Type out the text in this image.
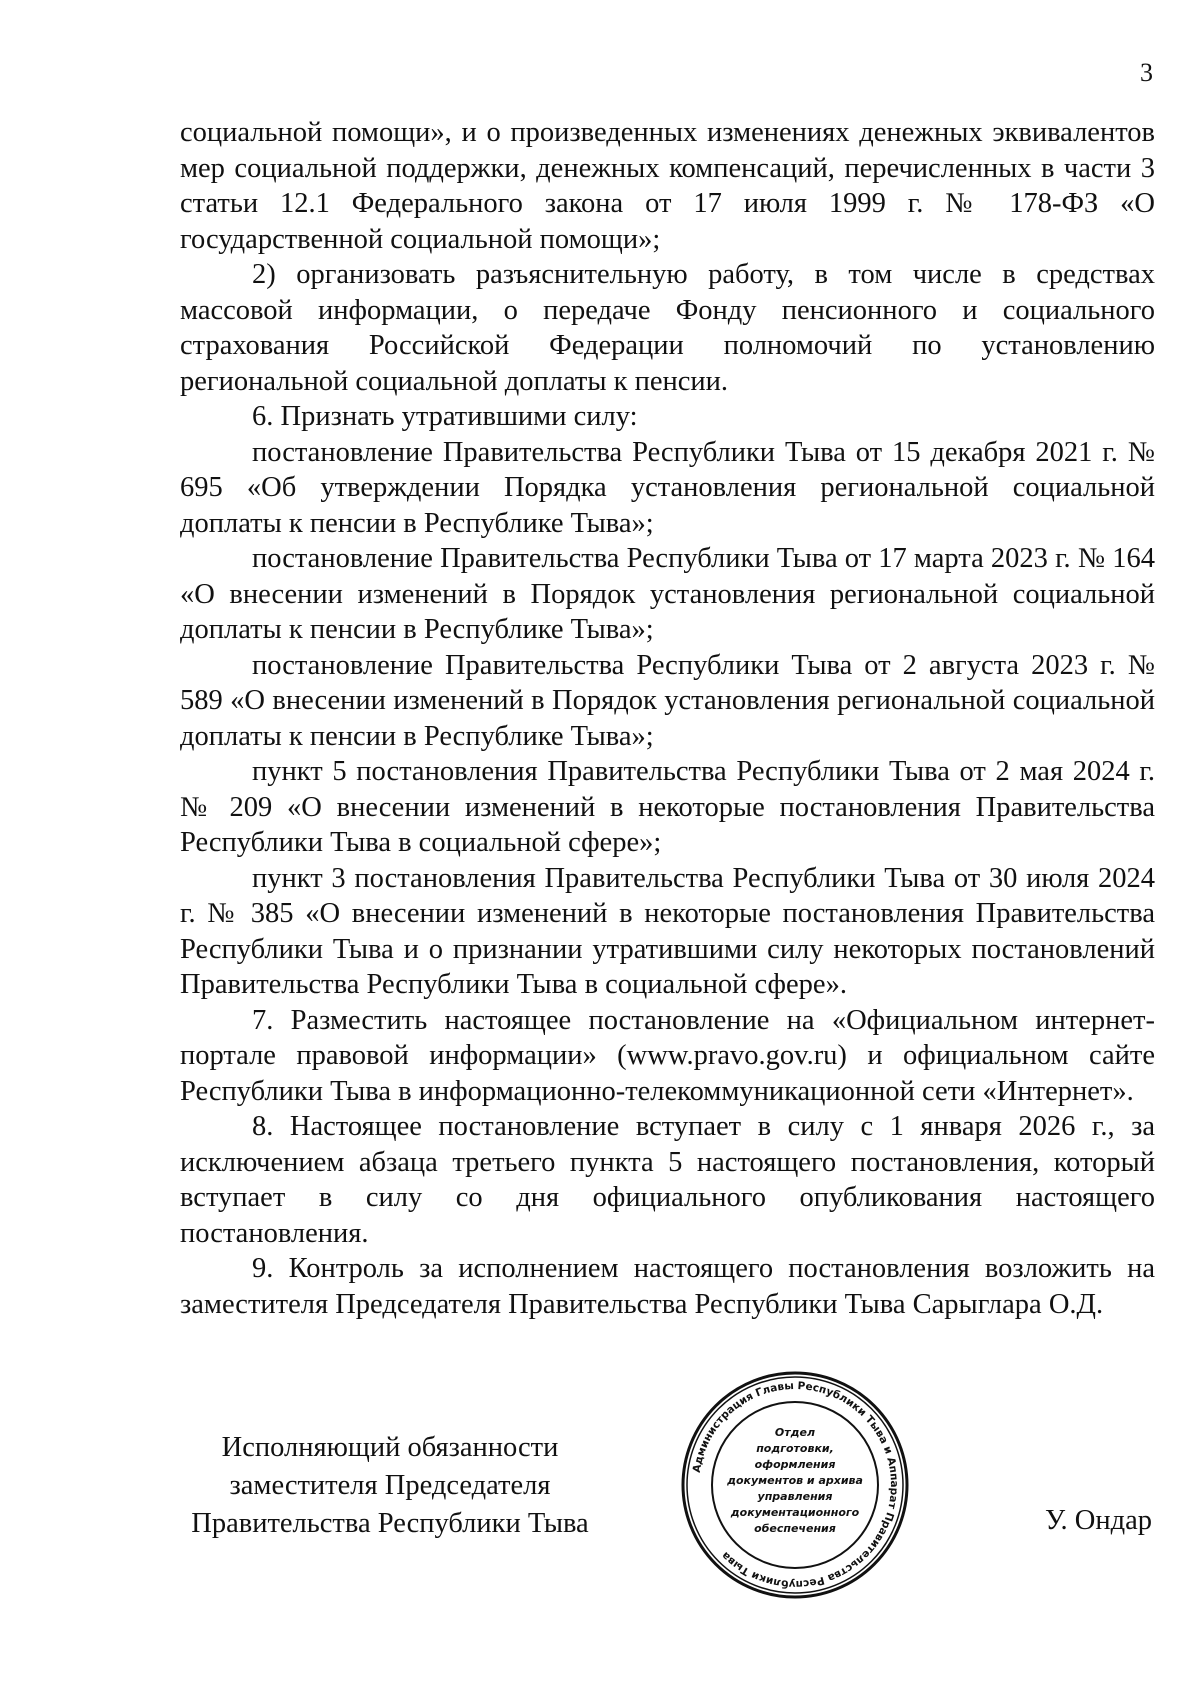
3

социальной помощи», и о произведенных изменениях денежных эквивалентов мер социальной поддержки, денежных компенсаций, перечисленных в части 3 статьи 12.1 Федерального закона от 17 июля 1999 г. № 178-ФЗ «О государственной социальной помощи»;

2) организовать разъяснительную работу, в том числе в средствах массовой информации, о передаче Фонду пенсионного и социального страхования Российской Федерации полномочий по установлению региональной социальной доплаты к пенсии.

6. Признать утратившими силу:

постановление Правительства Республики Тыва от 15 декабря 2021 г. № 695 «Об утверждении Порядка установления региональной социальной доплаты к пенсии в Республике Тыва»;

постановление Правительства Республики Тыва от 17 марта 2023 г. № 164 «О внесении изменений в Порядок установления региональной социальной доплаты к пенсии в Республике Тыва»;

постановление Правительства Республики Тыва от 2 августа 2023 г. № 589 «О внесении изменений в Порядок установления региональной социальной доплаты к пенсии в Республике Тыва»;

пункт 5 постановления Правительства Республики Тыва от 2 мая 2024 г. № 209 «О внесении изменений в некоторые постановления Правительства Республики Тыва в социальной сфере»;

пункт 3 постановления Правительства Республики Тыва от 30 июля 2024 г. № 385 «О внесении изменений в некоторые постановления Правительства Республики Тыва и о признании утратившими силу некоторых постановлений Правительства Республики Тыва в социальной сфере».

7. Разместить настоящее постановление на «Официальном интернет-портале правовой информации» (www.pravo.gov.ru) и официальном сайте Республики Тыва в информационно-телекоммуникационной сети «Интернет».

8. Настоящее постановление вступает в силу с 1 января 2026 г., за исключением абзаца третьего пункта 5 настоящего постановления, который вступает в силу со дня официального опубликования настоящего постановления.

9. Контроль за исполнением настоящего постановления возложить на заместителя Председателя Правительства Республики Тыва Сарыглара О.Д.

Исполняющий обязанности
заместителя Председателя
Правительства Республики Тыва	У. Ондар
Администрация Главы Республики Тыва и Аппарат Правительства Республики Тыва
Отдел
подготовки,
оформления
документов и архива
управления
документационного
обеспечения
